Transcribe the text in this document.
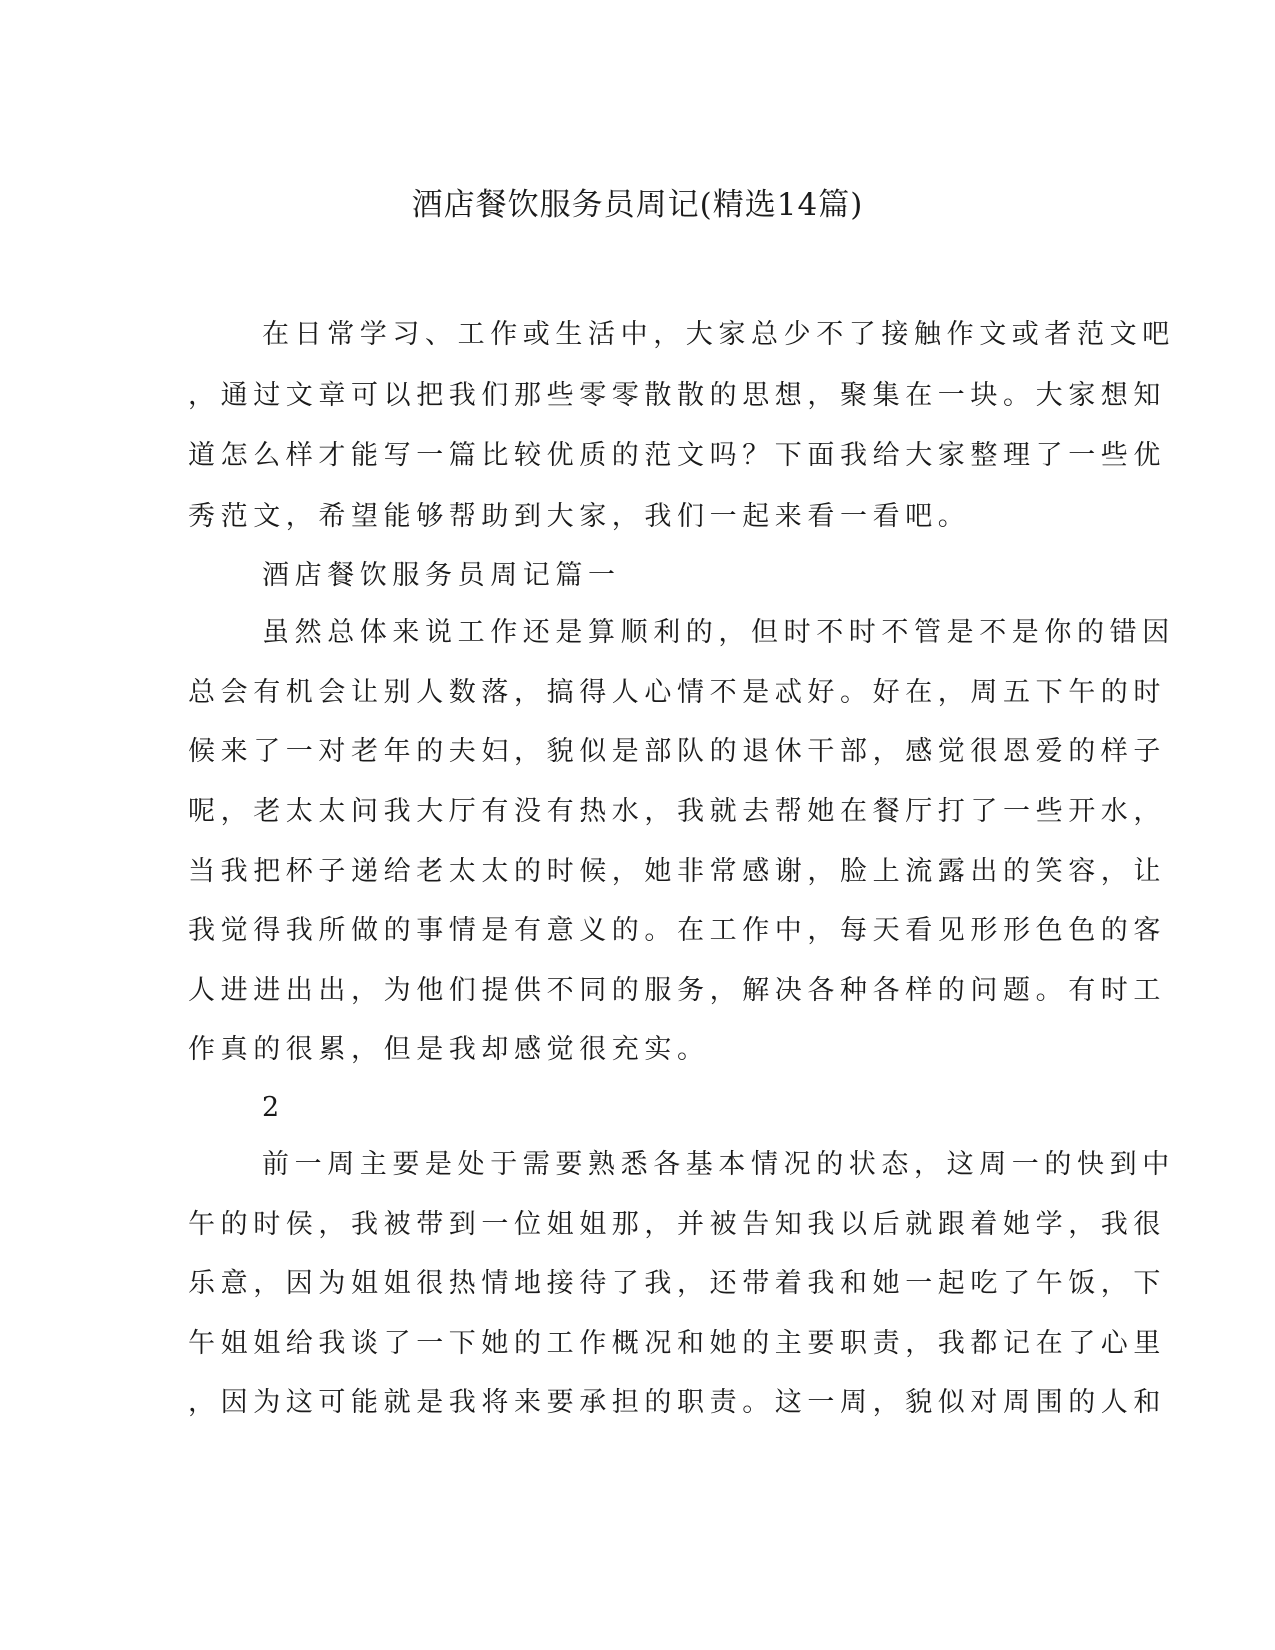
酒店餐饮服务员周记(精选14篇)
在日常学习、工作或生活中，大家总少不了接触作文或者范文吧
，通过文章可以把我们那些零零散散的思想，聚集在一块。大家想知
道怎么样才能写一篇比较优质的范文吗？下面我给大家整理了一些优
秀范文，希望能够帮助到大家，我们一起来看一看吧。
酒店餐饮服务员周记篇一
虽然总体来说工作还是算顺利的，但时不时不管是不是你的错因
总会有机会让别人数落，搞得人心情不是忒好。好在，周五下午的时
候来了一对老年的夫妇，貌似是部队的退休干部，感觉很恩爱的样子
呢，老太太问我大厅有没有热水，我就去帮她在餐厅打了一些开水，
当我把杯子递给老太太的时候，她非常感谢，脸上流露出的笑容，让
我觉得我所做的事情是有意义的。在工作中，每天看见形形色色的客
人进进出出，为他们提供不同的服务，解决各种各样的问题。有时工
作真的很累，但是我却感觉很充实。
2
前一周主要是处于需要熟悉各基本情况的状态，这周一的快到中
午的时侯，我被带到一位姐姐那，并被告知我以后就跟着她学，我很
乐意，因为姐姐很热情地接待了我，还带着我和她一起吃了午饭，下
午姐姐给我谈了一下她的工作概况和她的主要职责，我都记在了心里
，因为这可能就是我将来要承担的职责。这一周，貌似对周围的人和
